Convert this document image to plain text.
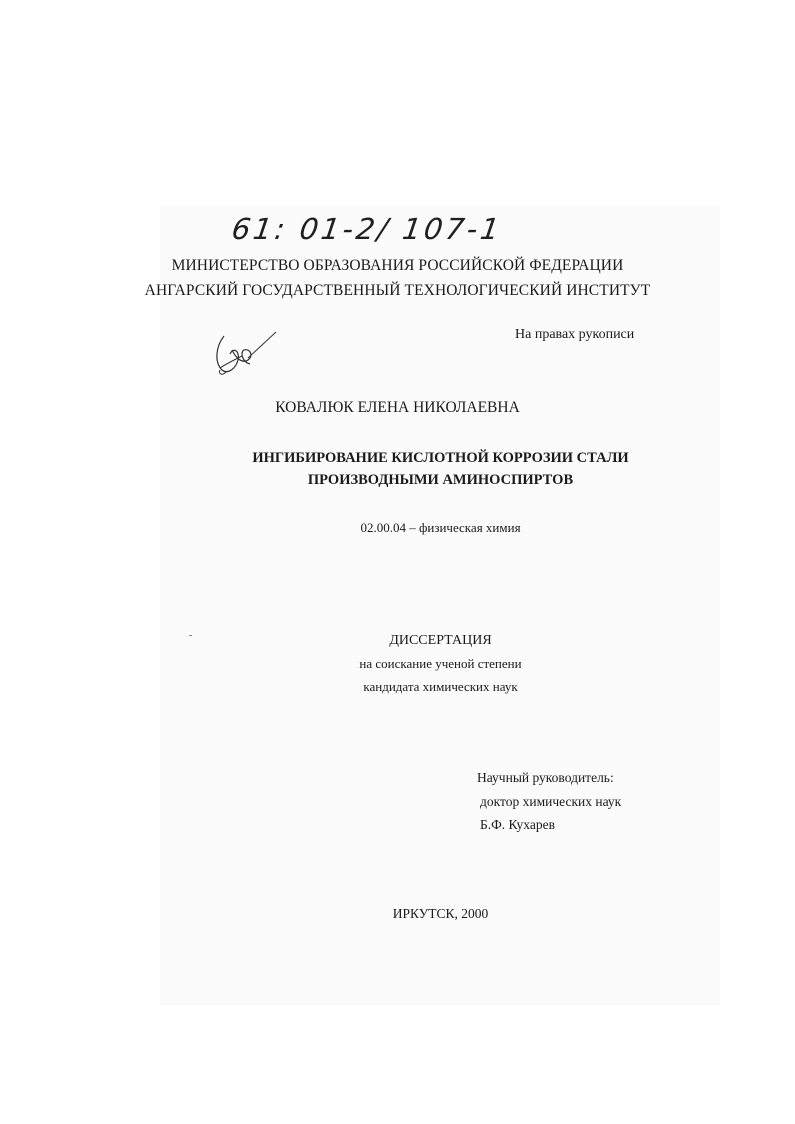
61: 01-2/ 107-1
МИНИСТЕРСТВО ОБРАЗОВАНИЯ РОССИЙСКОЙ ФЕДЕРАЦИИ
АНГАРСКИЙ ГОСУДАРСТВЕННЫЙ ТЕХНОЛОГИЧЕСКИЙ ИНСТИТУТ
На правах рукописи
КОВАЛЮК ЕЛЕНА НИКОЛАЕВНА
ИНГИБИРОВАНИЕ КИСЛОТНОЙ КОРРОЗИИ СТАЛИ
ПРОИЗВОДНЫМИ АМИНОСПИРТОВ
02.00.04 – физическая химия
ДИССЕРТАЦИЯ
на соискание ученой степени
кандидата химических наук
Научный руководитель:
доктор химических наук
Б.Ф. Кухарев
ИРКУТСК, 2000
